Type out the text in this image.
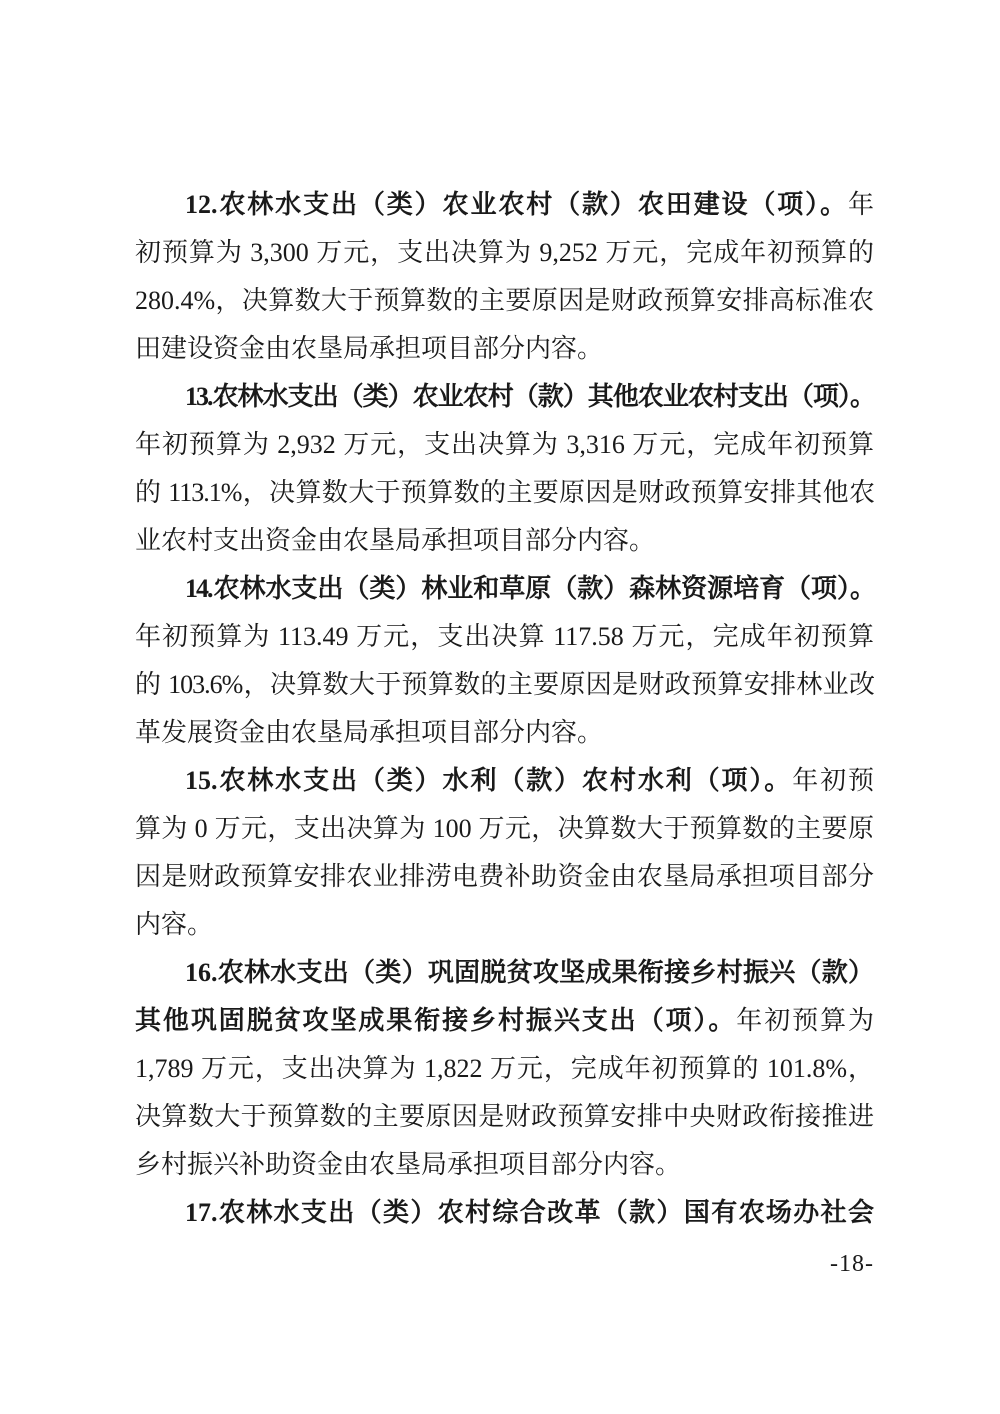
12.农林水支出（类）农业农村（款）农田建设（项）。年
初预算为 3,300 万元，支出决算为 9,252 万元，完成年初预算的
280.4%，决算数大于预算数的主要原因是财政预算安排高标准农
田建设资金由农垦局承担项目部分内容。
13.农林水支出（类）农业农村（款）其他农业农村支出（项）。
年初预算为 2,932 万元，支出决算为 3,316 万元，完成年初预算
的 113.1%，决算数大于预算数的主要原因是财政预算安排其他农
业农村支出资金由农垦局承担项目部分内容。
14.农林水支出（类）林业和草原（款）森林资源培育（项）。
年初预算为 113.49 万元，支出决算 117.58 万元，完成年初预算
的 103.6%，决算数大于预算数的主要原因是财政预算安排林业改
革发展资金由农垦局承担项目部分内容。
15.农林水支出（类）水利（款）农村水利（项）。年初预
算为 0 万元，支出决算为 100 万元，决算数大于预算数的主要原
因是财政预算安排农业排涝电费补助资金由农垦局承担项目部分
内容。
16.农林水支出（类）巩固脱贫攻坚成果衔接乡村振兴（款）
其他巩固脱贫攻坚成果衔接乡村振兴支出（项）。年初预算为
1,789 万元，支出决算为 1,822 万元，完成年初预算的 101.8%，
决算数大于预算数的主要原因是财政预算安排中央财政衔接推进
乡村振兴补助资金由农垦局承担项目部分内容。
17.农林水支出（类）农村综合改革（款）国有农场办社会
-18-
